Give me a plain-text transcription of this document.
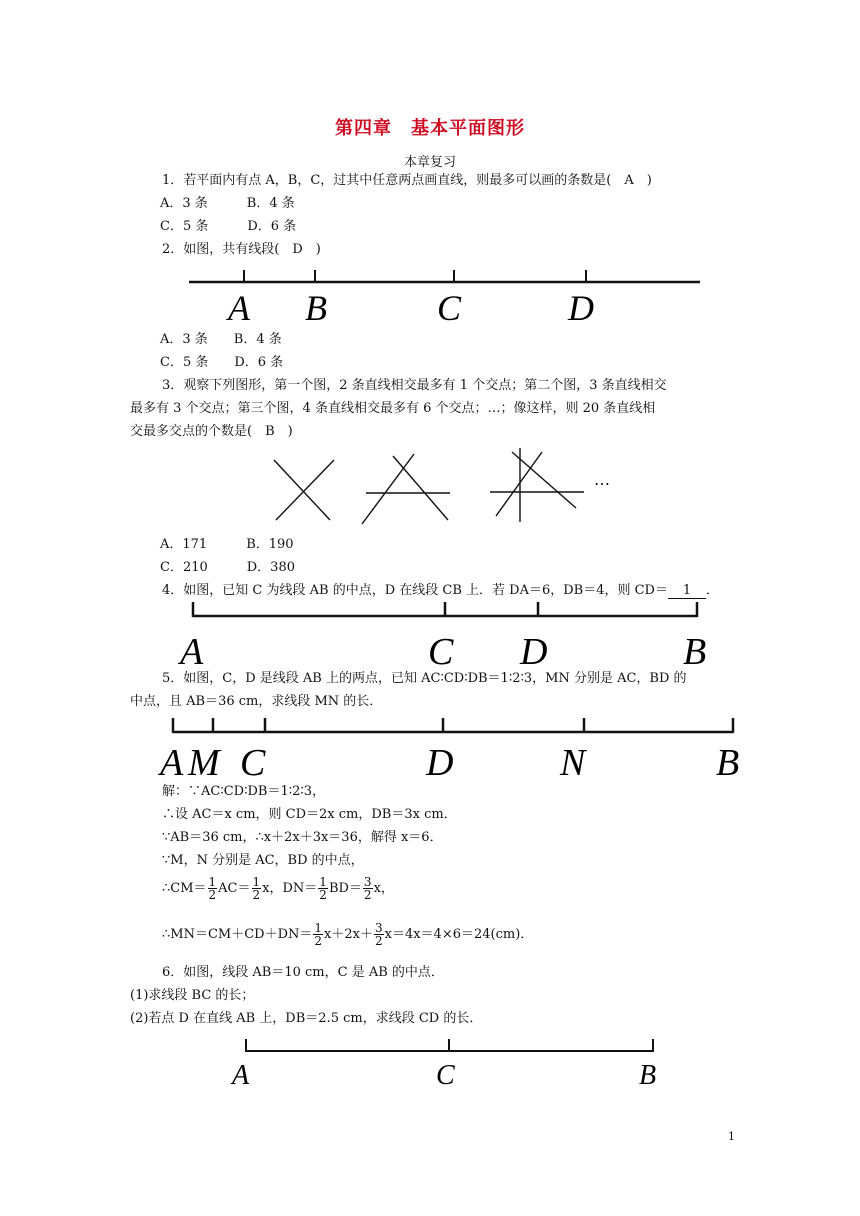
第四章　基本平面图形
本章复习
1．若平面内有点 A，B，C，过其中任意两点画直线，则最多可以画的条数是(　A　)
A．3 条　　　B．4 条
C．5 条　　　D．6 条
2．如图，共有线段(　D　)
A B	C	D
A．3 条　　B．4 条
C．5 条　　D．6 条
3．观察下列图形，第一个图，2 条直线相交最多有 1 个交点；第二个图，3 条直线相交
最多有 3 个交点；第三个图，4 条直线相交最多有 6 个交点；…；像这样，则 20 条直线相
交最多交点的个数是(　B　)
…
A．171　　　B．190
C．210　　　D．380
4．如图，已知 C 为线段 AB 的中点，D 在线段 CB 上．若 DA＝6，DB＝4，则 CD＝ 1 ．
A	C D	B
5．如图，C，D 是线段 AB 上的两点，已知 AC∶CD∶DB＝1∶2∶3，MN 分别是 AC，BD 的
中点，且 AB＝36 cm，求线段 MN 的长．
A M C	D	N	B
解：∵AC∶CD∶DB＝1∶2∶3，
∴设 AC＝x cm，则 CD＝2x cm，DB＝3x cm．
∵AB＝36 cm，∴x＋2x＋3x＝36，解得 x＝6．
∵M，N 分别是 AC，BD 的中点，
∴CM＝ $\frac{1}{2} AC= \frac{1}{2}$ x，$DN= \frac{1}{2} BD= \frac{3}{2}$ x，
∴MN＝CM＋CD＋DN＝ $\frac{1}{2} x+2x+ \frac{3}{2} x=4x=4\times 6=24(cm)$．
6．如图，线段 AB＝10 cm，C 是 AB 的中点．
(1)求线段 BC 的长；
(2)若点 D 在直线 AB 上，DB＝2.5 cm，求线段 CD 的长．
A	C	B
1
